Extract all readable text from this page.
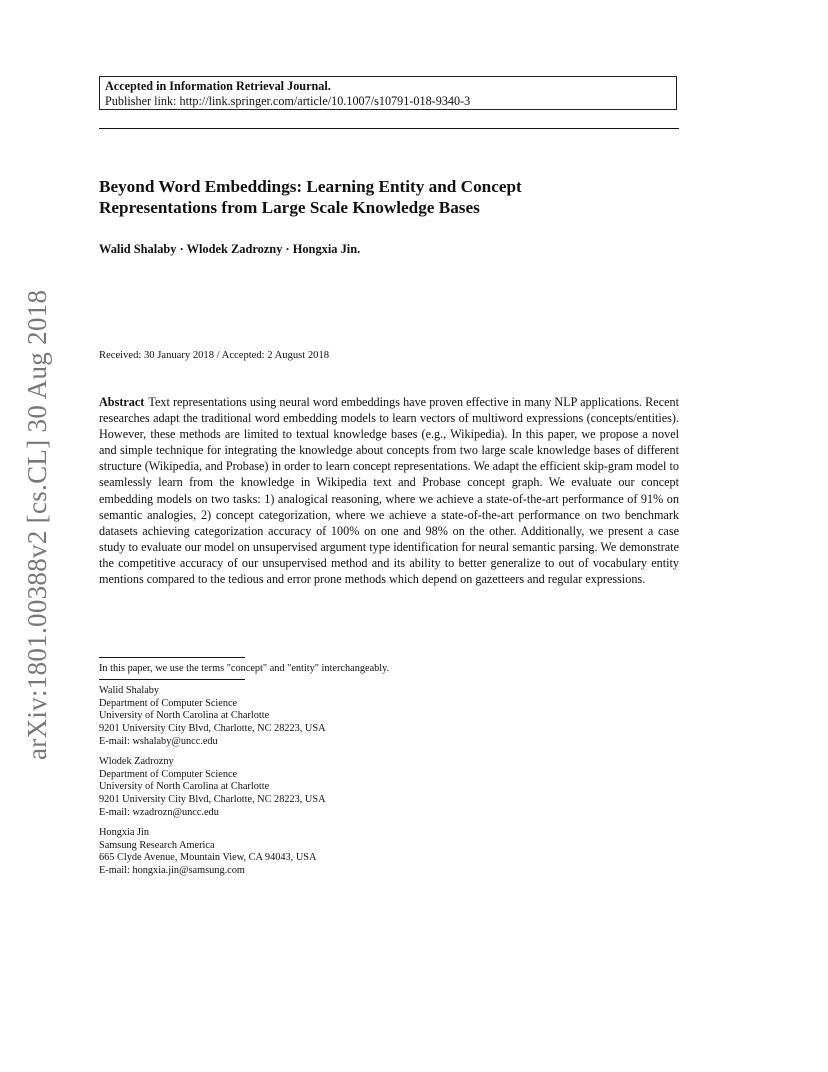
Accepted in Information Retrieval Journal.
Publisher link: http://link.springer.com/article/10.1007/s10791-018-9340-3
Beyond Word Embeddings: Learning Entity and Concept
Representations from Large Scale Knowledge Bases
Walid Shalaby · Wlodek Zadrozny · Hongxia Jin.
Received: 30 January 2018 / Accepted: 2 August 2018

Abstract Text representations using neural word embeddings have proven effective in many NLP applications. Recent researches adapt the traditional word embedding models to learn vectors of multiword expressions (concepts/entities). However, these methods are limited to textual knowledge bases (e.g., Wikipedia). In this paper, we propose a novel and simple technique for integrating the knowledge about concepts from two large scale knowledge bases of different structure (Wikipedia, and Probase) in order to learn concept representations. We adapt the efficient skip-gram model to seamlessly learn from the knowledge in Wikipedia text and Probase concept graph. We evaluate our concept embedding models on two tasks: 1) analogical reasoning, where we achieve a state-of-the-art performance of 91% on semantic analogies, 2) concept categorization, where we achieve a state-of-the-art performance on two benchmark datasets achieving categorization accuracy of 100% on one and 98% on the other. Additionally, we present a case study to evaluate our model on unsupervised argument type identification for neural semantic parsing. We demonstrate the competitive accuracy of our unsupervised method and its ability to better generalize to out of vocabulary entity mentions compared to the tedious and error prone methods which depend on gazetteers and regular expressions.

In this paper, we use the terms "concept" and "entity" interchangeably.
Walid Shalaby
Department of Computer Science
University of North Carolina at Charlotte
9201 University City Blvd, Charlotte, NC 28223, USA
E-mail: wshalaby@uncc.edu
Wlodek Zadrozny
Department of Computer Science
University of North Carolina at Charlotte
9201 University City Blvd, Charlotte, NC 28223, USA
E-mail: wzadrozn@uncc.edu
Hongxia Jin
Samsung Research America
665 Clyde Avenue, Mountain View, CA 94043, USA
E-mail: hongxia.jin@samsung.com
arXiv:1801.00388v2 [cs.CL] 30 Aug 2018
